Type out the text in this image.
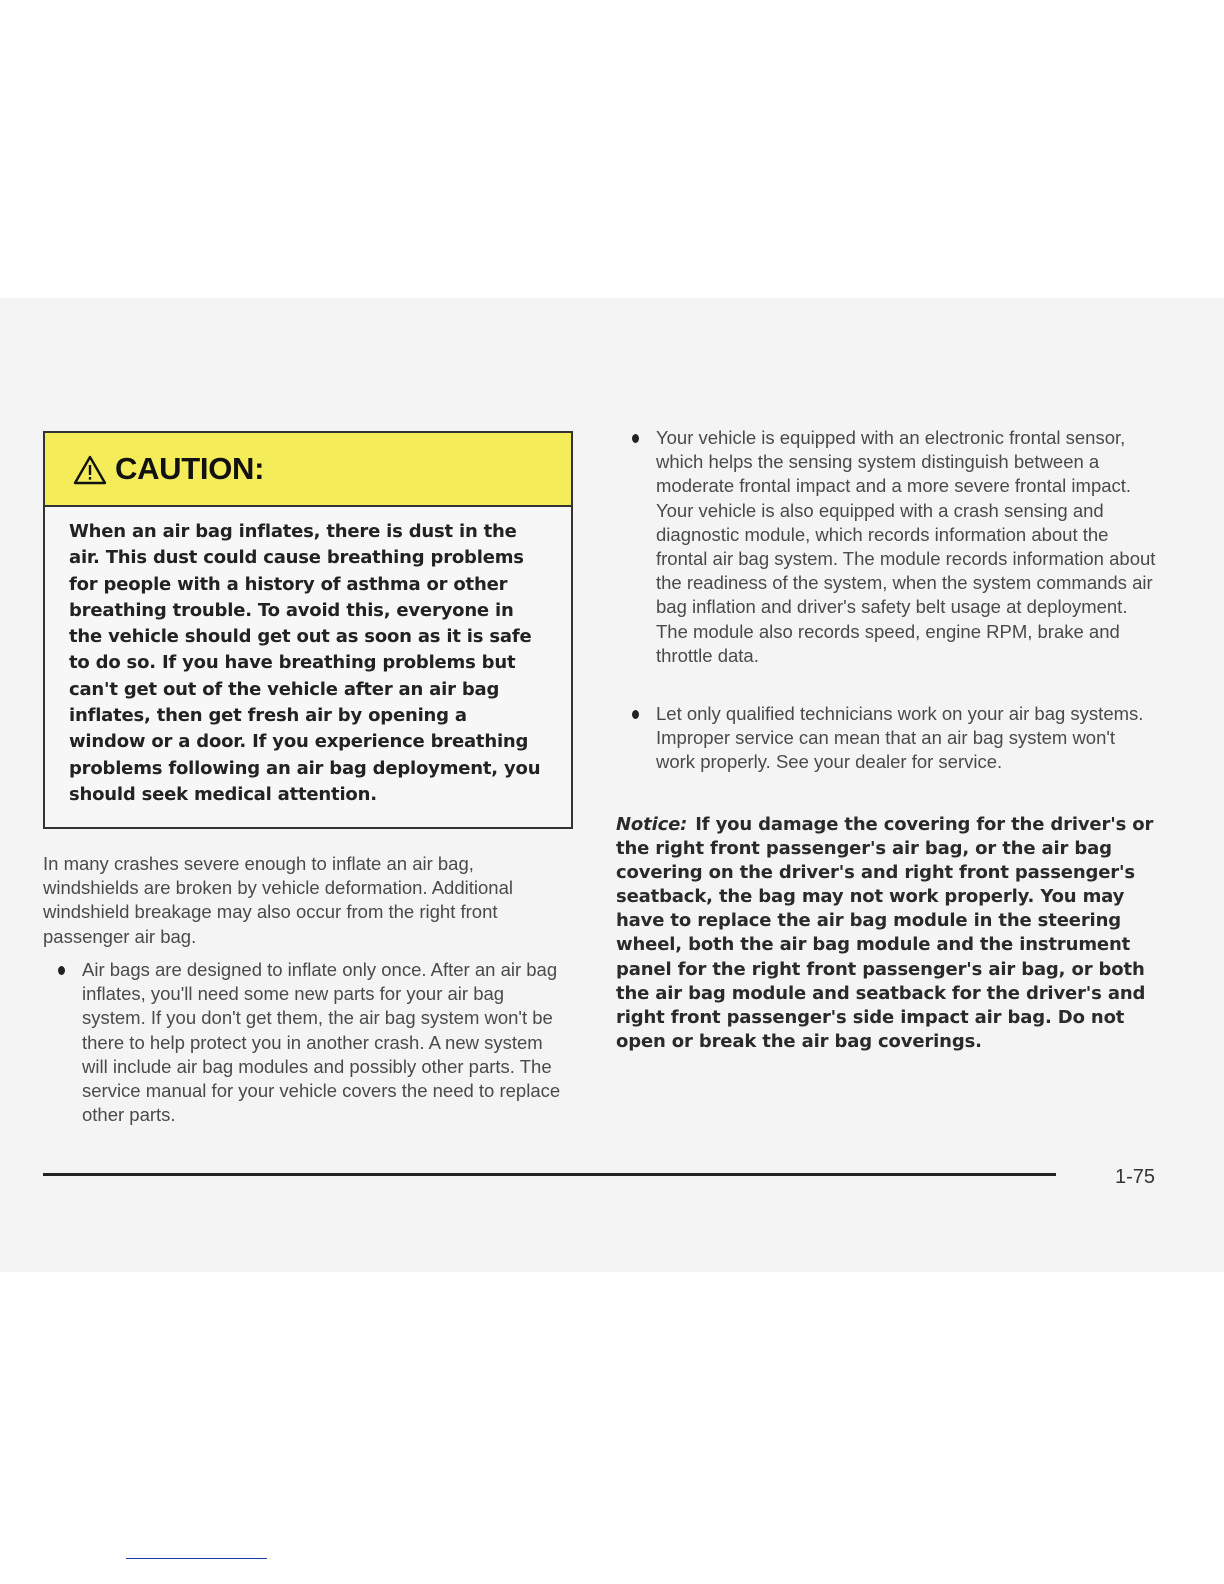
CAUTION:
When an air bag inflates, there is dust in the air. This dust could cause breathing problems for people with a history of asthma or other breathing trouble. To avoid this, everyone in the vehicle should get out as soon as it is safe to do so. If you have breathing problems but can't get out of the vehicle after an air bag inflates, then get fresh air by opening a window or a door. If you experience breathing problems following an air bag deployment, you should seek medical attention.
In many crashes severe enough to inflate an air bag, windshields are broken by vehicle deformation. Additional windshield breakage may also occur from the right front passenger air bag.
Air bags are designed to inflate only once. After an air bag inflates, you'll need some new parts for your air bag system. If you don't get them, the air bag system won't be there to help protect you in another crash. A new system will include air bag modules and possibly other parts. The service manual for your vehicle covers the need to replace other parts.
Your vehicle is equipped with an electronic frontal sensor, which helps the sensing system distinguish between a moderate frontal impact and a more severe frontal impact. Your vehicle is also equipped with a crash sensing and diagnostic module, which records information about the frontal air bag system. The module records information about the readiness of the system, when the system commands air bag inflation and driver's safety belt usage at deployment. The module also records speed, engine RPM, brake and throttle data.
Let only qualified technicians work on your air bag systems. Improper service can mean that an air bag system won't work properly. See your dealer for service.
Notice: If you damage the covering for the driver's or the right front passenger's air bag, or the air bag covering on the driver's and right front passenger's seatback, the bag may not work properly. You may have to replace the air bag module in the steering wheel, both the air bag module and the instrument panel for the right front passenger's air bag, or both the air bag module and seatback for the driver's and right front passenger's side impact air bag. Do not open or break the air bag coverings.
1-75
